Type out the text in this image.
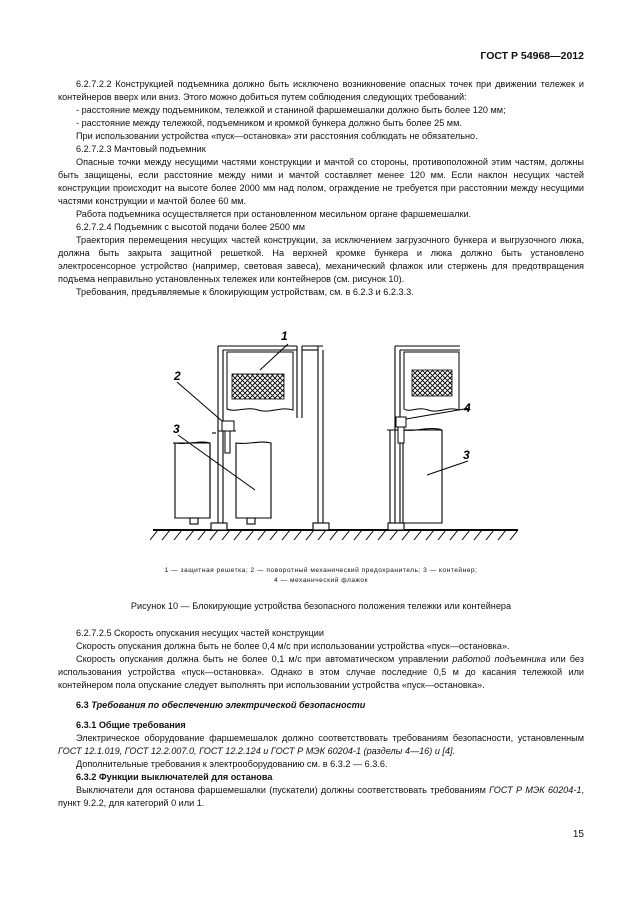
ГОСТ Р 54968—2012

6.2.7.2.2 Конструкцией подъемника должно быть исключено возникновение опасных точек при движении тележек и контейнеров вверх или вниз. Этого можно добиться путем соблюдения следующих требований:

- расстояние между подъемником, тележкой и станиной фаршемешалки должно быть более 120 мм;

- расстояние между тележкой, подъемником и кромкой бункера должно быть более 25 мм.

При использовании устройства «пуск—остановка» эти расстояния соблюдать не обязательно.

6.2.7.2.3 Мачтовый подъемник

Опасные точки между несущими частями конструкции и мачтой со стороны, противоположной этим частям, должны быть защищены, если расстояние между ними и мачтой составляет менее 120 мм. Если наклон несущих частей конструкции происходит на высоте более 2000 мм над полом, ограждение не требуется при расстоянии между несущими частями конструкции и мачтой более 60 мм.

Работа подъемника осуществляется при остановленном месильном органе фаршемешалки.

6.2.7.2.4 Подъемник с высотой подачи более 2500 мм

Траектория перемещения несущих частей конструкции, за исключением загрузочного бункера и выгрузочного люка, должна быть закрыта защитной решеткой. На верхней кромке бункера и люка должно быть установлено электросенсорное устройство (например, световая завеса), механический флажок или стержень для предотвращения подъема неправильно установленных тележек или контейнеров (см. рисунок 10).

Требования, предъявляемые к блокирующим устройствам, см. в 6.2.3 и 6.2.3.3.

1
2
3
3
4
1 — защитная решетка; 2 — поворотный механический предохранитель; 3 — контейнер;
4 — механический флажок
Рисунок 10 — Блокирующие устройства безопасного положения тележки или контейнера

6.2.7.2.5 Скорость опускания несущих частей конструкции

Скорость опускания должна быть не более 0,4 м/с при использовании устройства «пуск—остановка».

Скорость опускания должна быть не более 0,1 м/с при автоматическом управлении работой подъемника или без использования устройства «пуск—остановка». Однако в этом случае последние 0,5 м до касания тележкой или контейнером пола опускание следует выполнять при использовании устройства «пуск—остановка».

6.3 Требования по обеспечению электрической безопасности

6.3.1 Общие требования

Электрическое оборудование фаршемешалок должно соответствовать требованиям безопасности, установленным ГОСТ 12.1.019, ГОСТ 12.2.007.0, ГОСТ 12.2.124 и ГОСТ Р МЭК 60204-1 (разделы 4—16) и [4].

Дополнительные требования к электрооборудованию см. в 6.3.2 — 6.3.6.

6.3.2 Функции выключателей для останова

Выключатели для останова фаршемешалки (пускатели) должны соответствовать требованиям ГОСТ Р МЭК 60204-1, пункт 9.2.2, для категорий 0 или 1.

15
